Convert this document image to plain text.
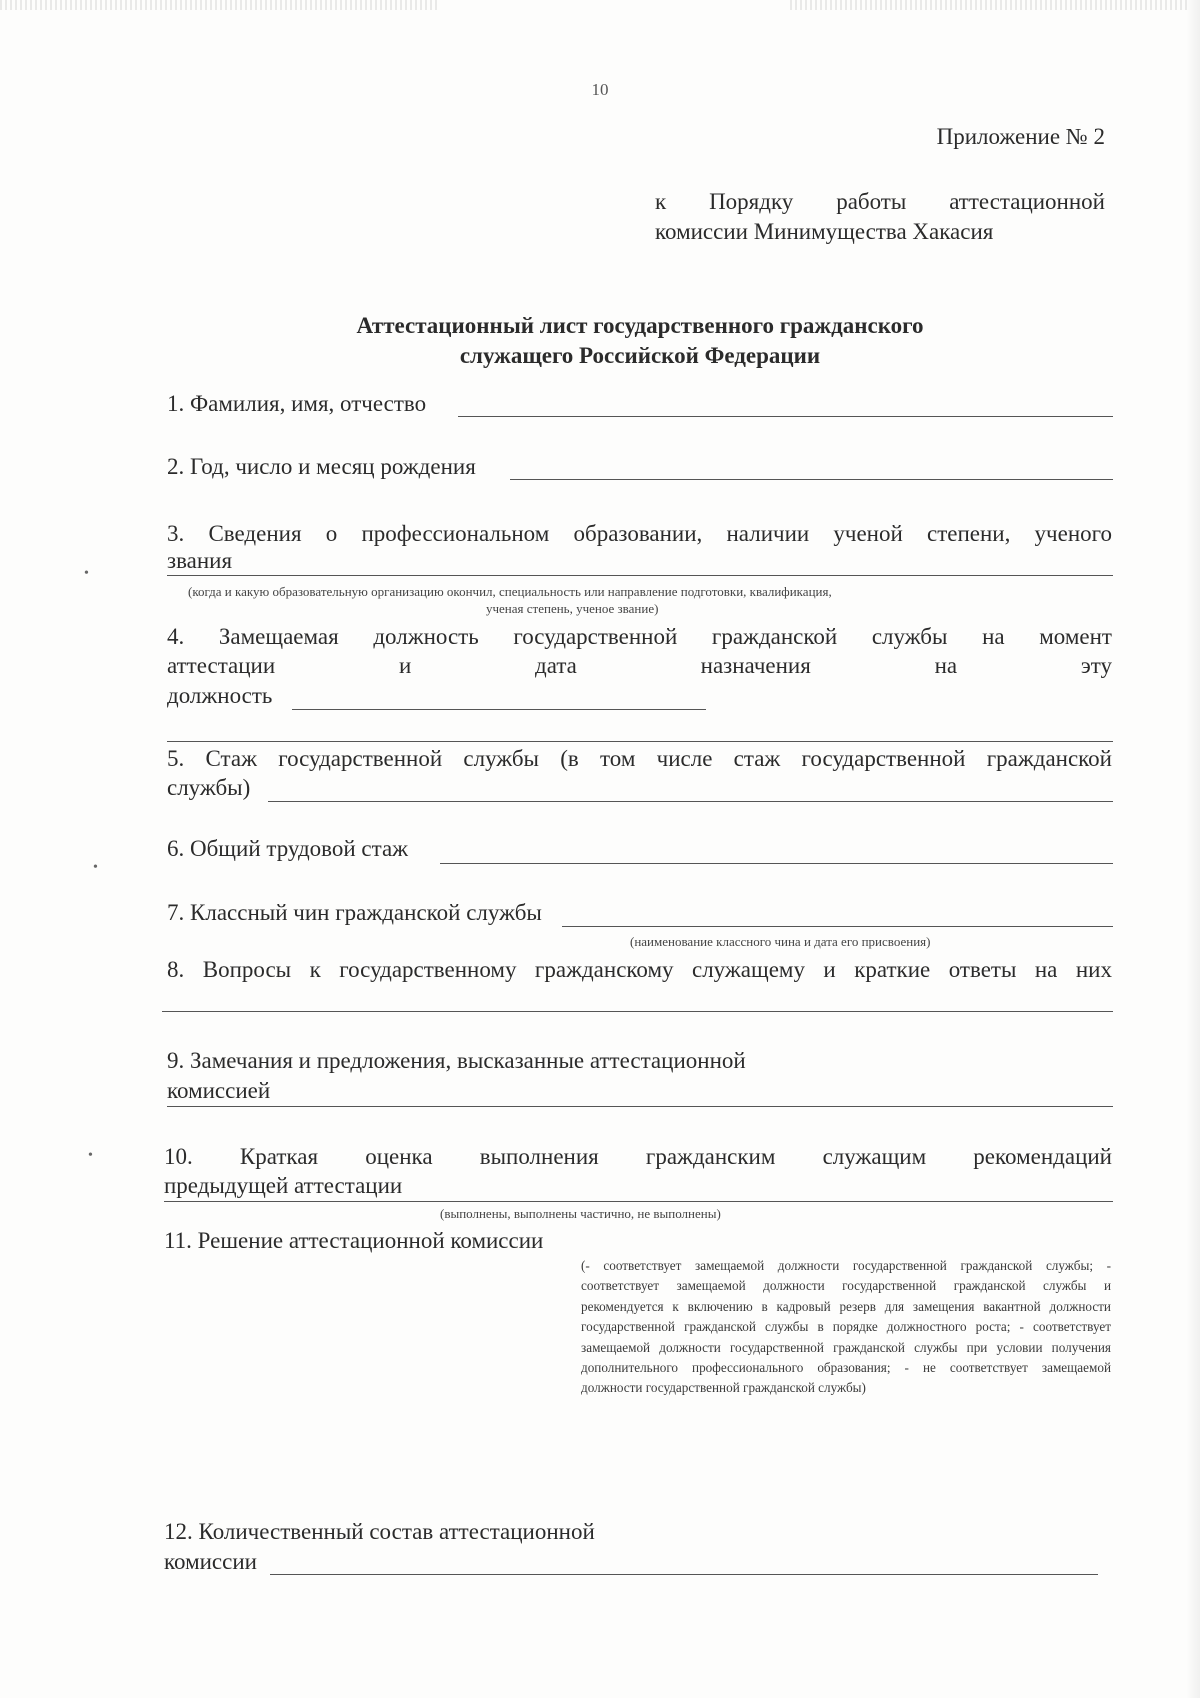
10
Приложение № 2
к Порядку работы аттестационной
комиссии Минимущества Хакасия
Аттестационный лист государственного гражданского
служащего Российской Федерации
1. Фамилия, имя, отчество
2. Год, число и месяц рождения
3. Сведения о профессиональном образовании, наличии ученой степени, ученого
звания
(когда и какую образовательную организацию окончил, специальность или направление подготовки, квалификация,
ученая степень, ученое звание)
4. Замещаемая должность государственной гражданской службы на момент
аттестации и дата назначения на эту
должность
5. Стаж государственной службы (в том числе стаж государственной гражданской
службы)
6. Общий трудовой стаж
7. Классный чин гражданской службы
(наименование классного чина и дата его присвоения)
8. Вопросы к государственному гражданскому служащему и краткие ответы на них
9. Замечания и предложения, высказанные аттестационной
комиссией
10. Краткая оценка выполнения гражданским служащим рекомендаций
предыдущей аттестации
(выполнены, выполнены частично, не выполнены)
11. Решение аттестационной комиссии
(- соответствует замещаемой должности государственной гражданской службы; - соответствует замещаемой должности государственной гражданской службы и рекомендуется к включению в кадровый резерв для замещения вакантной должности государственной гражданской службы в порядке должностного роста; - соответствует замещаемой должности государственной гражданской службы при условии получения дополнительного профессионального образования; - не соответствует замещаемой должности государственной гражданской службы)
12. Количественный состав аттестационной
комиссии
•
•
•
